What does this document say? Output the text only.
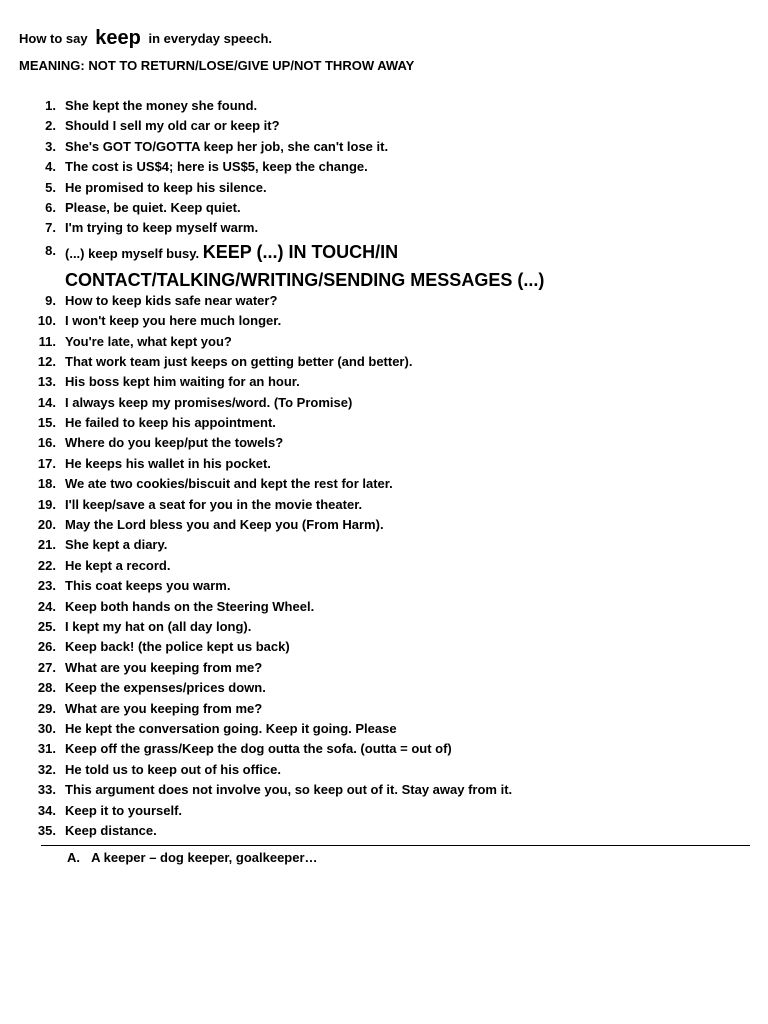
How to say keep in everyday speech.
MEANING: NOT TO RETURN/LOSE/GIVE UP/NOT THROW AWAY
1. She kept the money she found.
2. Should I sell my old car or keep it?
3. She's GOT TO/GOTTA keep her job, she can't lose it.
4. The cost is US$4; here is US$5, keep the change.
5. He promised to keep his silence.
6. Please, be quiet. Keep quiet.
7. I'm trying to keep myself warm.
8. (...) keep myself busy. KEEP (...) IN TOUCH/IN
CONTACT/TALKING/WRITING/SENDING MESSAGES (...)
9. How to keep kids safe near water?
10. I won't keep you here much longer.
11. You're late, what kept you?
12. That work team just keeps on getting better (and better).
13. His boss kept him waiting for an hour.
14. I always keep my promises/word. (To Promise)
15. He failed to keep his appointment.
16. Where do you keep/put the towels?
17. He keeps his wallet in his pocket.
18. We ate two cookies/biscuit and kept the rest for later.
19. I'll keep/save a seat for you in the movie theater.
20. May the Lord bless you and Keep you (From Harm).
21. She kept a diary.
22. He kept a record.
23. This coat keeps you warm.
24. Keep both hands on the Steering Wheel.
25. I kept my hat on (all day long).
26. Keep back! (the police kept us back)
27. What are you keeping from me?
28. Keep the expenses/prices down.
29. What are you keeping from me?
30. He kept the conversation going. Keep it going. Please
31. Keep off the grass/Keep the dog outta the sofa. (outta = out of)
32. He told us to keep out of his office.
33. This argument does not involve you, so keep out of it. Stay away from it.
34. Keep it to yourself.
35. Keep distance.
A. A keeper – dog keeper, goalkeeper…
